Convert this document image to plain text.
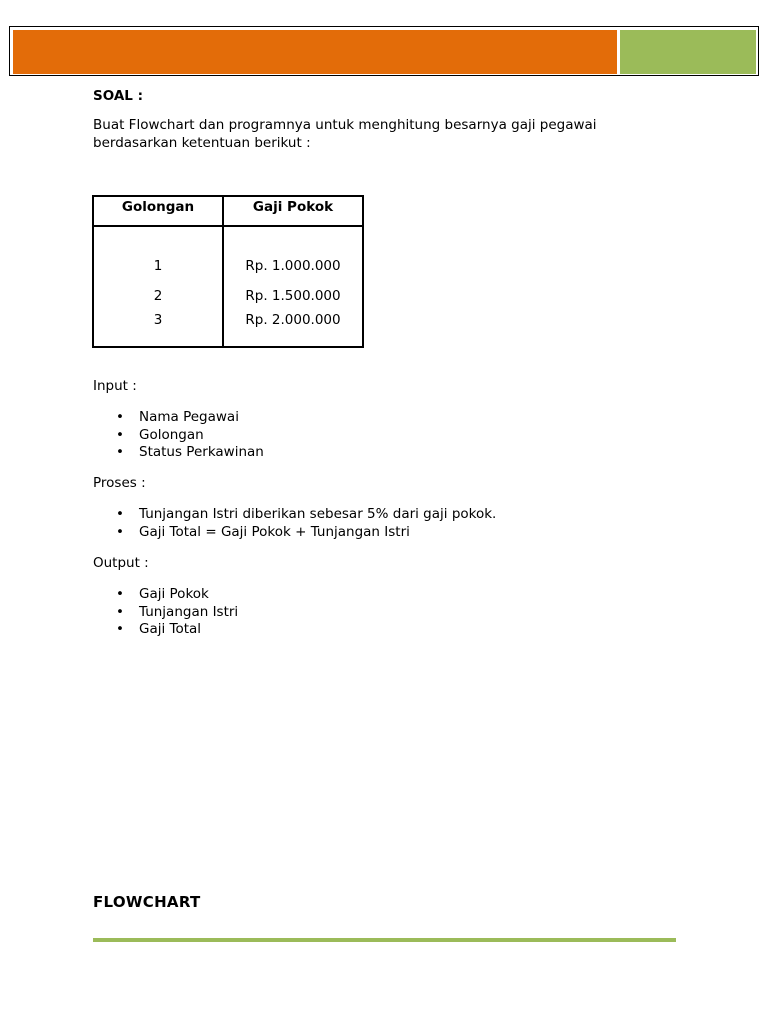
SOAL :
Buat Flowchart dan programnya untuk menghitung besarnya gaji pegawai
berdasarkan ketentuan berikut :
Golongan	Gaji Pokok

1	Rp. 1.000.000
2	Rp. 1.500.000
3	Rp. 2.000.000
Input :
• Nama Pegawai
• Golongan
• Status Perkawinan
Proses :
• Tunjangan Istri diberikan sebesar 5% dari gaji pokok.
• Gaji Total = Gaji Pokok + Tunjangan Istri
Output :
• Gaji Pokok
• Tunjangan Istri
• Gaji Total
FLOWCHART
